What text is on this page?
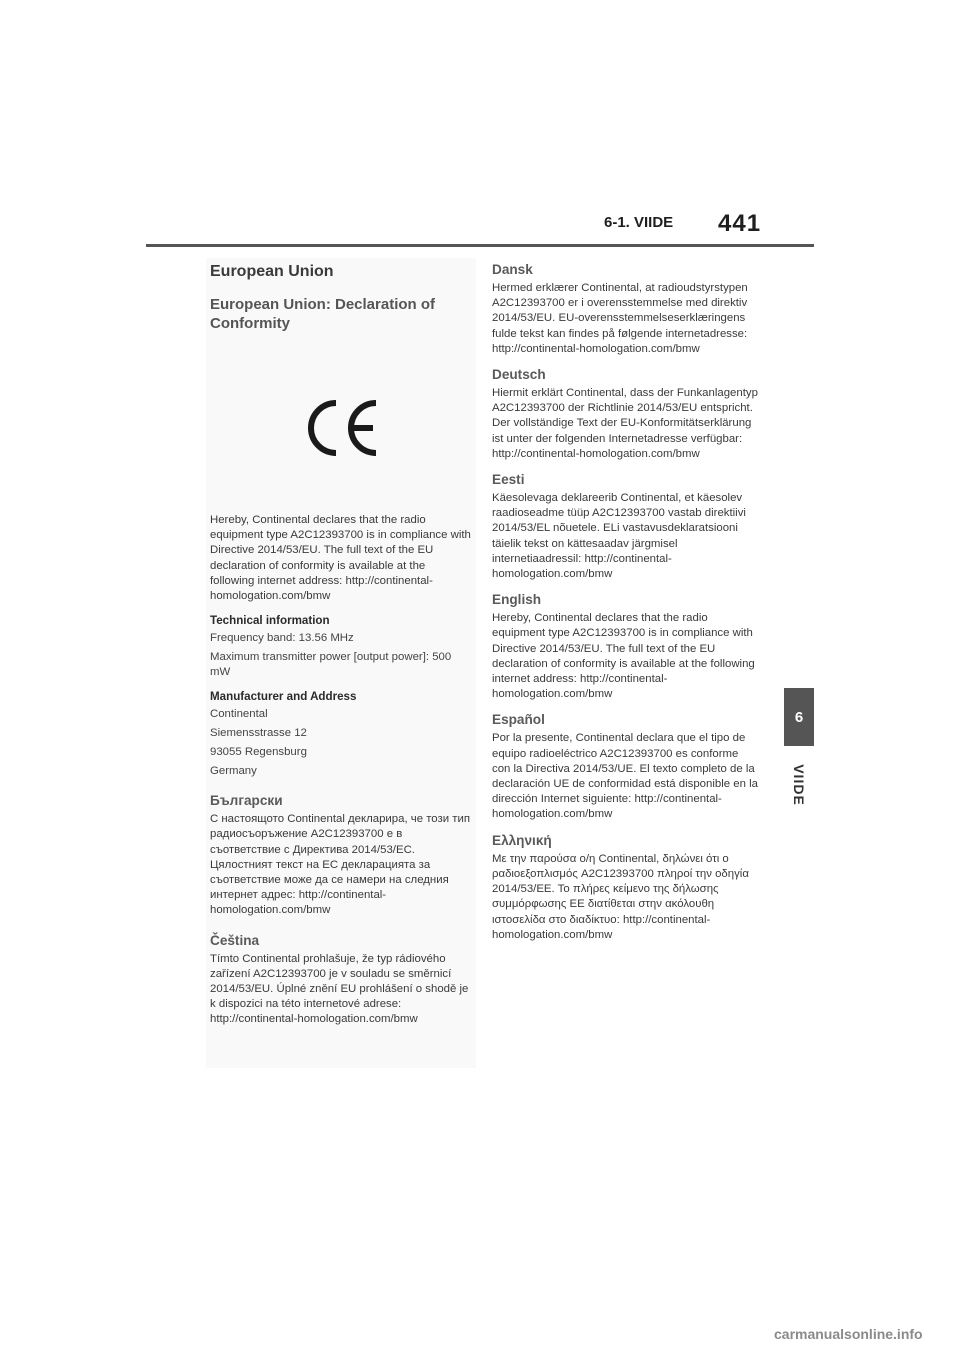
6-1. VIIDE 441
6
VIIDE
European Union
European Union: Declaration of Conformity

Hereby, Continental declares that the radio equipment type A2C12393700 is in compliance with Directive 2014/53/EU. The full text of the EU declaration of conformity is available at the following internet address: http://continental-homologation.com/bmw

Technical information
Frequency band: 13.56 MHz
Maximum transmitter power [output power]: 500 mW
Manufacturer and Address
Continental
Siemensstrasse 12
93055 Regensburg
Germany
Български

С настоящото Continental декларира, че този тип радиосъоръжение A2C12393700 е в съответствие с Директива 2014/53/ЕС. Цялостният текст на ЕС декларацията за съответствие може да се намери на следния интернет адрес: http://continental-homologation.com/bmw

Čeština

Tímto Continental prohlašuje, že typ rádiového zařízení A2C12393700 je v souladu se směrnicí 2014/53/EU. Úplné znění EU prohlášení o shodě je k dispozici na této internetové adrese: http://continental-homologation.com/bmw

Dansk

Hermed erklærer Continental, at radioudstyrstypen A2C12393700 er i overensstemmelse med direktiv 2014/53/EU. EU-overensstemmelseserklæringens fulde tekst kan findes på følgende internetadresse: http://continental-homologation.com/bmw

Deutsch

Hiermit erklärt Continental, dass der Funkanlagentyp A2C12393700 der Richtlinie 2014/53/EU entspricht. Der vollständige Text der EU-Konformitätserklärung ist unter der folgenden Internetadresse verfügbar: http://continental-homologation.com/bmw

Eesti

Käesolevaga deklareerib Continental, et käesolev raadioseadme tüüp A2C12393700 vastab direktiivi 2014/53/EL nõuetele. ELi vastavusdeklaratsiooni täielik tekst on kättesaadav järgmisel internetiaadressil: http://continental-homologation.com/bmw

English

Hereby, Continental declares that the radio equipment type A2C12393700 is in compliance with Directive 2014/53/EU. The full text of the EU declaration of conformity is available at the following internet address: http://continental-homologation.com/bmw

Español

Por la presente, Continental declara que el tipo de equipo radioeléctrico A2C12393700 es conforme con la Directiva 2014/53/UE. El texto completo de la declaración UE de conformidad está disponible en la dirección Internet siguiente: http://continental-homologation.com/bmw

Ελληνική

Με την παρούσα ο/η Continental, δηλώνει ότι ο ραδιοεξοπλισμός A2C12393700 πληροί την οδηγία 2014/53/ΕΕ. Το πλήρες κείμενο της δήλωσης συμμόρφωσης ΕΕ διατίθεται στην ακόλουθη ιστοσελίδα στο διαδίκτυο: http://continental-homologation.com/bmw

carmanualsonline.info
